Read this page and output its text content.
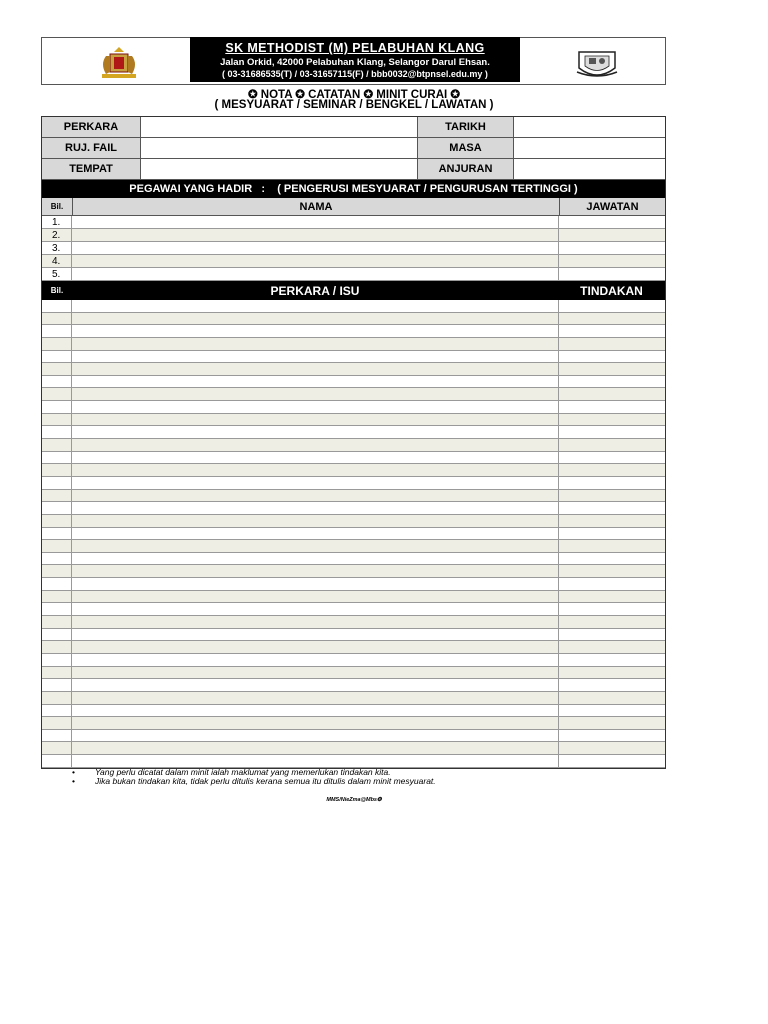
SK METHODIST (M) PELABUHAN KLANG
Jalan Orkid, 42000 Pelabuhan Klang, Selangor Darul Ehsan.
( 03-31686535(T) / 03-31657115(F) / bbb0032@btpnsel.edu.my )
✪ NOTA ✪ CATATAN ✪ MINIT CURAI ✪
( MESYUARAT / SEMINAR / BENGKEL / LAWATAN )
PERKARA	TARIKH
RUJ. FAIL	MASA
TEMPAT	ANJURAN
PEGAWAI YANG HADIR   :    ( PENGERUSI MESYUARAT / PENGURUSAN TERTINGGI )
Bil.	NAMA	JAWATAN
1.
2.
3.
4.
5.
Bil.	PERKARA / ISU	TINDAKAN
•	Yang perlu dicatat dalam minit ialah maklumat yang memerlukan tindakan kita.
•	Jika bukan tindakan kita, tidak perlu ditulis kerana semua itu ditulis dalam minit mesyuarat.
MMS/NieZma@Mbs❂
